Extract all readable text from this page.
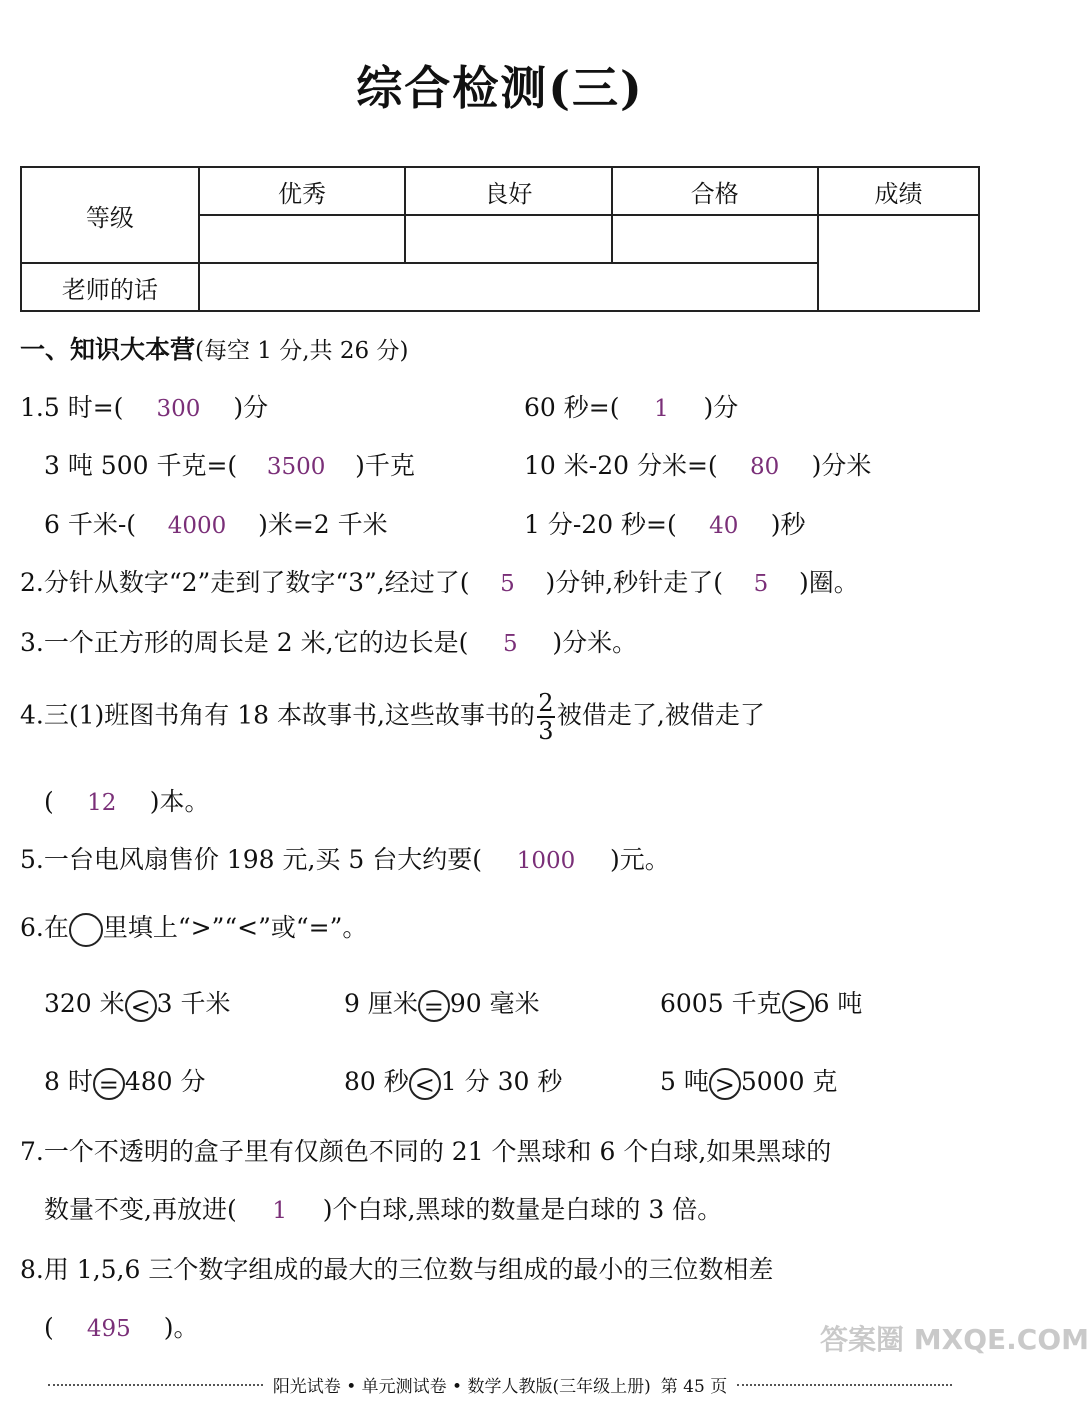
综合检测(三)
等级	优秀	良好	合格	成绩

老师的话				
一、知识大本营(每空 1 分,共 26 分)
1.5 时=( 300 )分	60 秒=( 1 )分
3 吨 500 千克=( 3500 )千克	10 米-20 分米=( 80 )分米
6 千米-( 4000 )米=2 千米	1 分-20 秒=( 40 )秒
2.分针从数字“2”走到了数字“3”,经过了( 5 )分钟,秒针走了( 5 )圈。
3.一个正方形的周长是 2 米,它的边长是( 5 )分米。
4.三(1)班图书角有 18 本故事书,这些故事书的 $\frac{2}{3}$ 被借走了,被借走了
( 12 )本。
5.一台电风扇售价 198 元,买 5 台大约要( 1000 )元。
6.在 里填上“>”“<”或“=”。
320 米 < 3 千米	9 厘米 = 90 毫米	6005 千克 > 6 吨
8 时 = 480 分	80 秒 < 1 分 30 秒	5 吨 > 5000 克
7.一个不透明的盒子里有仅颜色不同的 21 个黑球和 6 个白球,如果黑球的
数量不变,再放进( 1 )个白球,黑球的数量是白球的 3 倍。
8.用 1,5,6 三个数字组成的最大的三位数与组成的最小的三位数相差
( 495 )。	答案圈 MXQE.COM
阳光试卷 • 单元测试卷 • 数学人教版(三年级上册) 第 45 页
